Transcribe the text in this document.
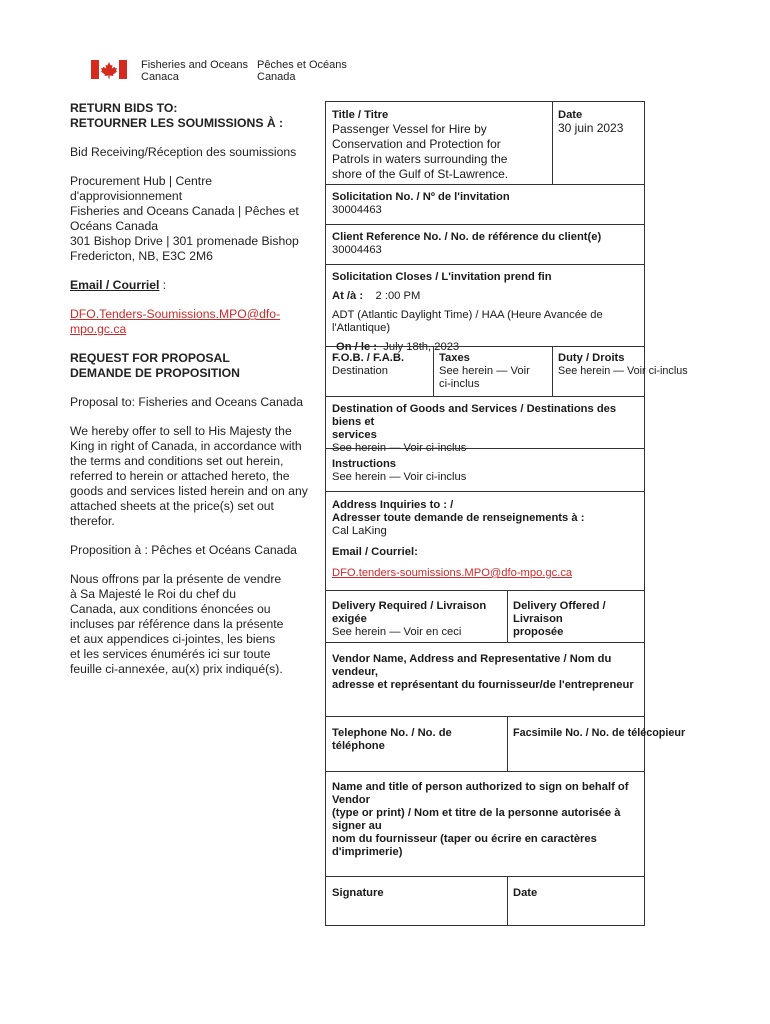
Fisheries and Oceans
Canaca
Pêches et Océans
Canada

RETURN BIDS TO:

RETOURNER LES SOUMISSIONS À :

Bid Receiving/Réception des soumissions

Procurement Hub | Centre

d'approvisionnement

Fisheries and Oceans Canada | Pêches et

Océans Canada

301 Bishop Drive | 301 promenade Bishop

Fredericton, NB, E3C 2M6

Email / Courriel :

DFO.Tenders-Soumissions.MPO@dfo-

mpo.gc.ca

REQUEST FOR PROPOSAL

DEMANDE DE PROPOSITION

Proposal to: Fisheries and Oceans Canada

We hereby offer to sell to His Majesty the

King in right of Canada, in accordance with

the terms and conditions set out herein,

referred to herein or attached hereto, the

goods and services listed herein and on any

attached sheets at the price(s) set out

therefor.

Proposition à : Pêches et Océans Canada

Nous offrons par la présente de vendre

à Sa Majesté le Roi du chef du

Canada, aux conditions énoncées ou

incluses par référence dans la présente

et aux appendices ci-jointes, les biens

et les services énumérés ici sur toute

feuille ci-annexée, au(x) prix indiqué(s).

Title / Titre
Passenger Vessel for Hire by
Conservation and Protection for
Patrols in waters surrounding the
shore of the Gulf of St-Lawrence.
Date
30 juin 2023
Solicitation No. / Nº de l'invitation
30004463
Client Reference No. / No. de référence du client(e)
30004463
Solicitation Closes / L'invitation prend fin
At /à : 2 :00 PM
ADT (Atlantic Daylight Time) / HAA (Heure Avancée de l'Atlantique)
On / le : July 18th, 2023
F.O.B. / F.A.B.
Destination
Taxes
See herein — Voir
ci-inclus
Duty / Droits
See herein — Voir ci-inclus
Destination of Goods and Services / Destinations des biens et
services
See herein — Voir ci-inclus
Instructions
See herein — Voir ci-inclus
Address Inquiries to : /
Adresser toute demande de renseignements à :
Cal LaKing
Email / Courriel:
DFO.tenders-soumissions.MPO@dfo-mpo.gc.ca
Delivery Required / Livraison
exigée
See herein — Voir en ceci
Delivery Offered / Livraison
proposée
Vendor Name, Address and Representative / Nom du vendeur,
adresse et représentant du fournisseur/de l'entrepreneur
Telephone No. / No. de
téléphone
Facsimile No. / No. de télécopieur
Name and title of person authorized to sign on behalf of Vendor
(type or print) / Nom et titre de la personne autorisée à signer au
nom du fournisseur (taper ou écrire en caractères d'imprimerie)
Signature	Date
